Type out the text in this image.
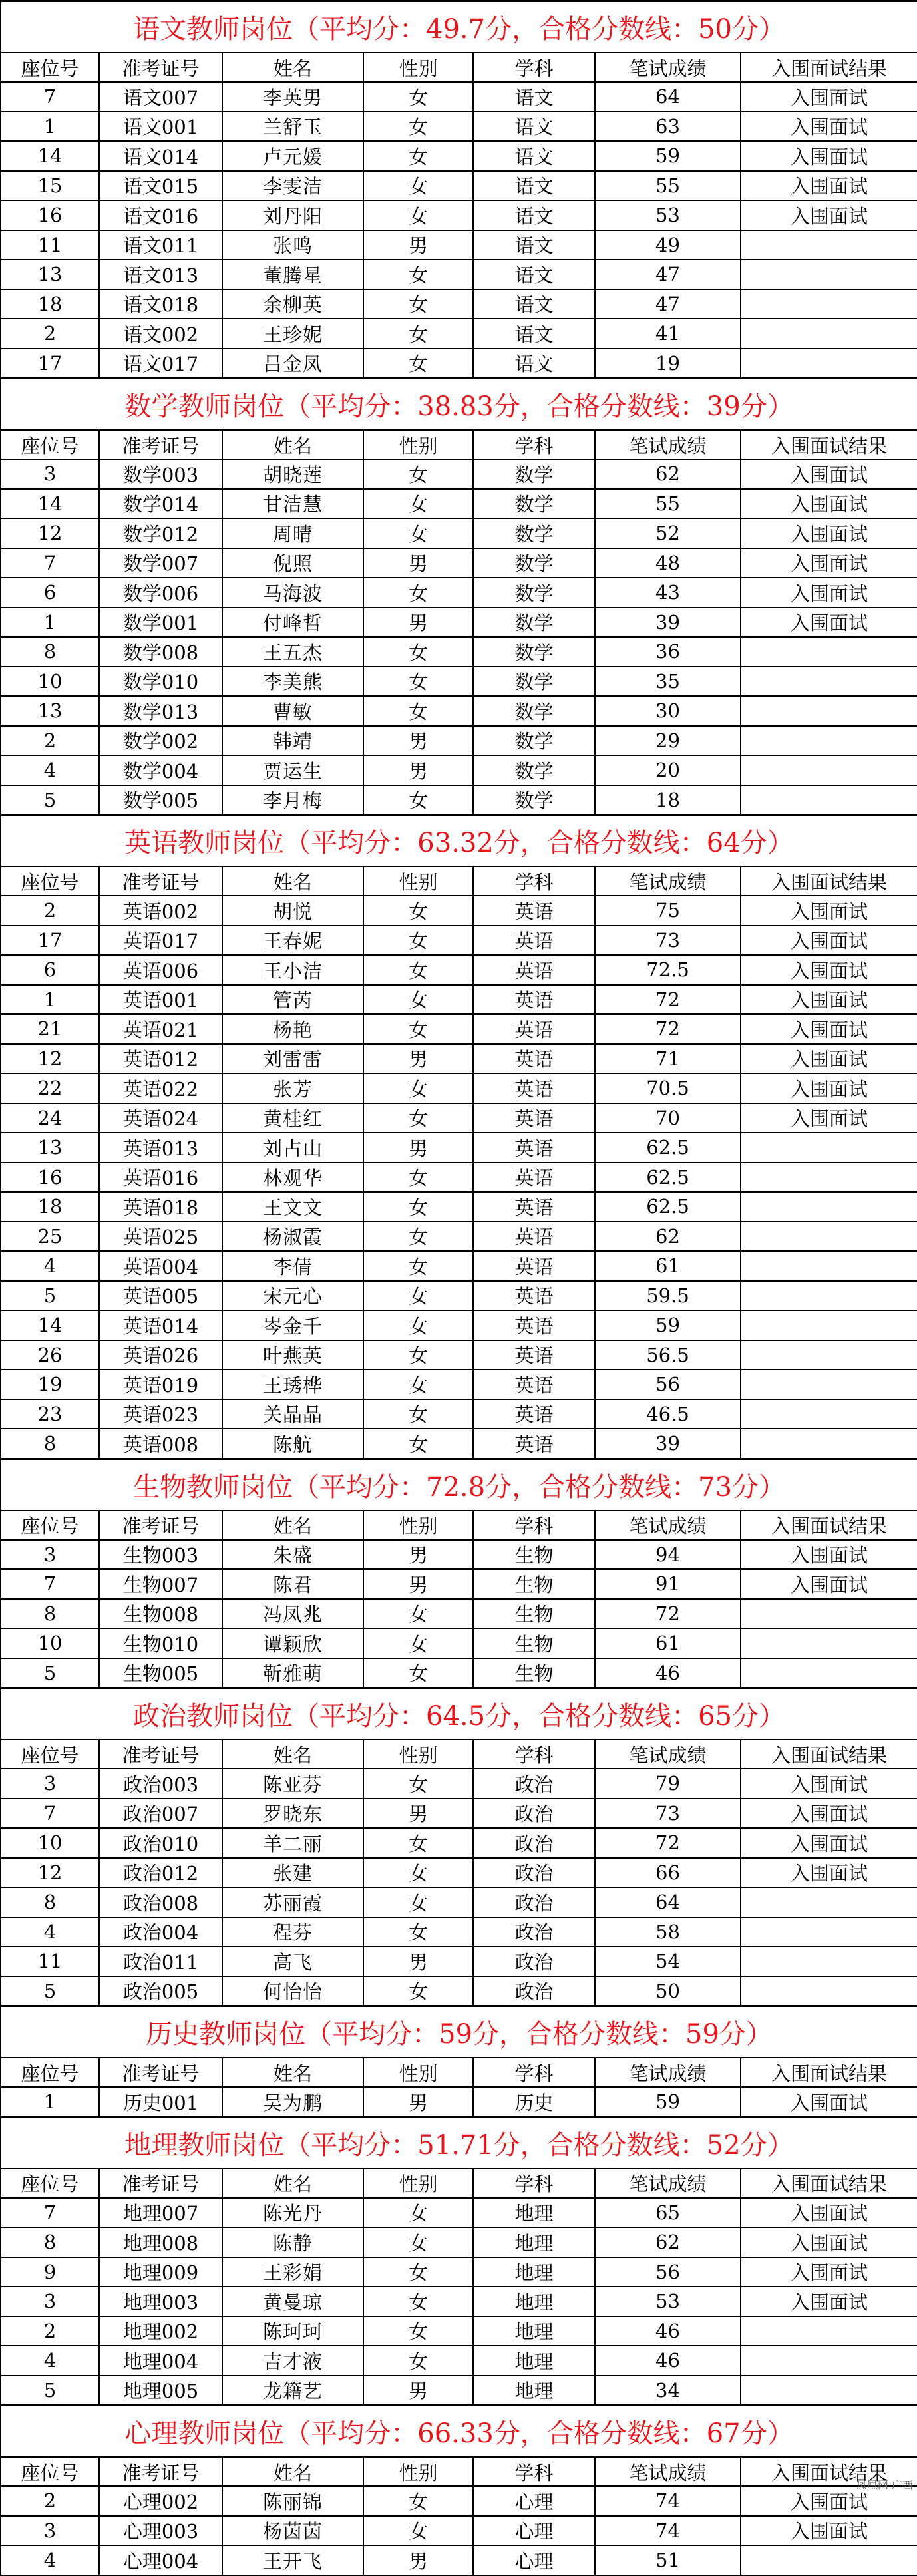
语文教师岗位（平均分：49.7分，合格分数线：50分）						
座位号	准考证号	姓名	性别	学科	笔试成绩	入围面试结果
7	语文007	李英男	女	语文	64	入围面试
1	语文001	兰舒玉	女	语文	63	入围面试
14	语文014	卢元媛	女	语文	59	入围面试
15	语文015	李雯洁	女	语文	55	入围面试
16	语文016	刘丹阳	女	语文	53	入围面试
11	语文011	张鸣	男	语文	49	
13	语文013	董腾星	女	语文	47	
18	语文018	余柳英	女	语文	47	
2	语文002	王珍妮	女	语文	41	
17	语文017	吕金凤	女	语文	19	
数学教师岗位（平均分：38.83分，合格分数线：39分）						
座位号	准考证号	姓名	性别	学科	笔试成绩	入围面试结果
3	数学003	胡晓莲	女	数学	62	入围面试
14	数学014	甘洁慧	女	数学	55	入围面试
12	数学012	周晴	女	数学	52	入围面试
7	数学007	倪照	男	数学	48	入围面试
6	数学006	马海波	女	数学	43	入围面试
1	数学001	付峰哲	男	数学	39	入围面试
8	数学008	王五杰	女	数学	36	
10	数学010	李美熊	女	数学	35	
13	数学013	曹敏	女	数学	30	
2	数学002	韩靖	男	数学	29	
4	数学004	贾运生	男	数学	20	
5	数学005	李月梅	女	数学	18	
英语教师岗位（平均分：63.32分，合格分数线：64分）						
座位号	准考证号	姓名	性别	学科	笔试成绩	入围面试结果
2	英语002	胡悦	女	英语	75	入围面试
17	英语017	王春妮	女	英语	73	入围面试
6	英语006	王小洁	女	英语	72.5	入围面试
1	英语001	管芮	女	英语	72	入围面试
21	英语021	杨艳	女	英语	72	入围面试
12	英语012	刘雷雷	男	英语	71	入围面试
22	英语022	张芳	女	英语	70.5	入围面试
24	英语024	黄桂红	女	英语	70	入围面试
13	英语013	刘占山	男	英语	62.5	
16	英语016	林观华	女	英语	62.5	
18	英语018	王文文	女	英语	62.5	
25	英语025	杨淑霞	女	英语	62	
4	英语004	李倩	女	英语	61	
5	英语005	宋元心	女	英语	59.5	
14	英语014	岑金千	女	英语	59	
26	英语026	叶燕英	女	英语	56.5	
19	英语019	王琇桦	女	英语	56	
23	英语023	关晶晶	女	英语	46.5	
8	英语008	陈航	女	英语	39	
生物教师岗位（平均分：72.8分，合格分数线：73分）						
座位号	准考证号	姓名	性别	学科	笔试成绩	入围面试结果
3	生物003	朱盛	男	生物	94	入围面试
7	生物007	陈君	男	生物	91	入围面试
8	生物008	冯凤兆	女	生物	72	
10	生物010	谭颖欣	女	生物	61	
5	生物005	靳雅萌	女	生物	46	
政治教师岗位（平均分：64.5分，合格分数线：65分）						
座位号	准考证号	姓名	性别	学科	笔试成绩	入围面试结果
3	政治003	陈亚芬	女	政治	79	入围面试
7	政治007	罗晓东	男	政治	73	入围面试
10	政治010	羊二丽	女	政治	72	入围面试
12	政治012	张建	女	政治	66	入围面试
8	政治008	苏丽霞	女	政治	64	
4	政治004	程芬	女	政治	58	
11	政治011	高飞	男	政治	54	
5	政治005	何怡怡	女	政治	50	
历史教师岗位（平均分：59分，合格分数线：59分）						
座位号	准考证号	姓名	性别	学科	笔试成绩	入围面试结果
1	历史001	吴为鹏	男	历史	59	入围面试
地理教师岗位（平均分：51.71分，合格分数线：52分）						
座位号	准考证号	姓名	性别	学科	笔试成绩	入围面试结果
7	地理007	陈光丹	女	地理	65	入围面试
8	地理008	陈静	女	地理	62	入围面试
9	地理009	王彩娟	女	地理	56	入围面试
3	地理003	黄曼琼	女	地理	53	入围面试
2	地理002	陈珂珂	女	地理	46	
4	地理004	吉才液	女	地理	46	
5	地理005	龙籍艺	男	地理	34	
心理教师岗位（平均分：66.33分，合格分数线：67分）						
座位号	准考证号	姓名	性别	学科	笔试成绩	入围面试结果
2	心理002	陈丽锦	女	心理	74	入围面试
3	心理003	杨茵茵	女	心理	74	入围面试
4	心理004	王开飞	男	心理	51	
凤凰网·广西
